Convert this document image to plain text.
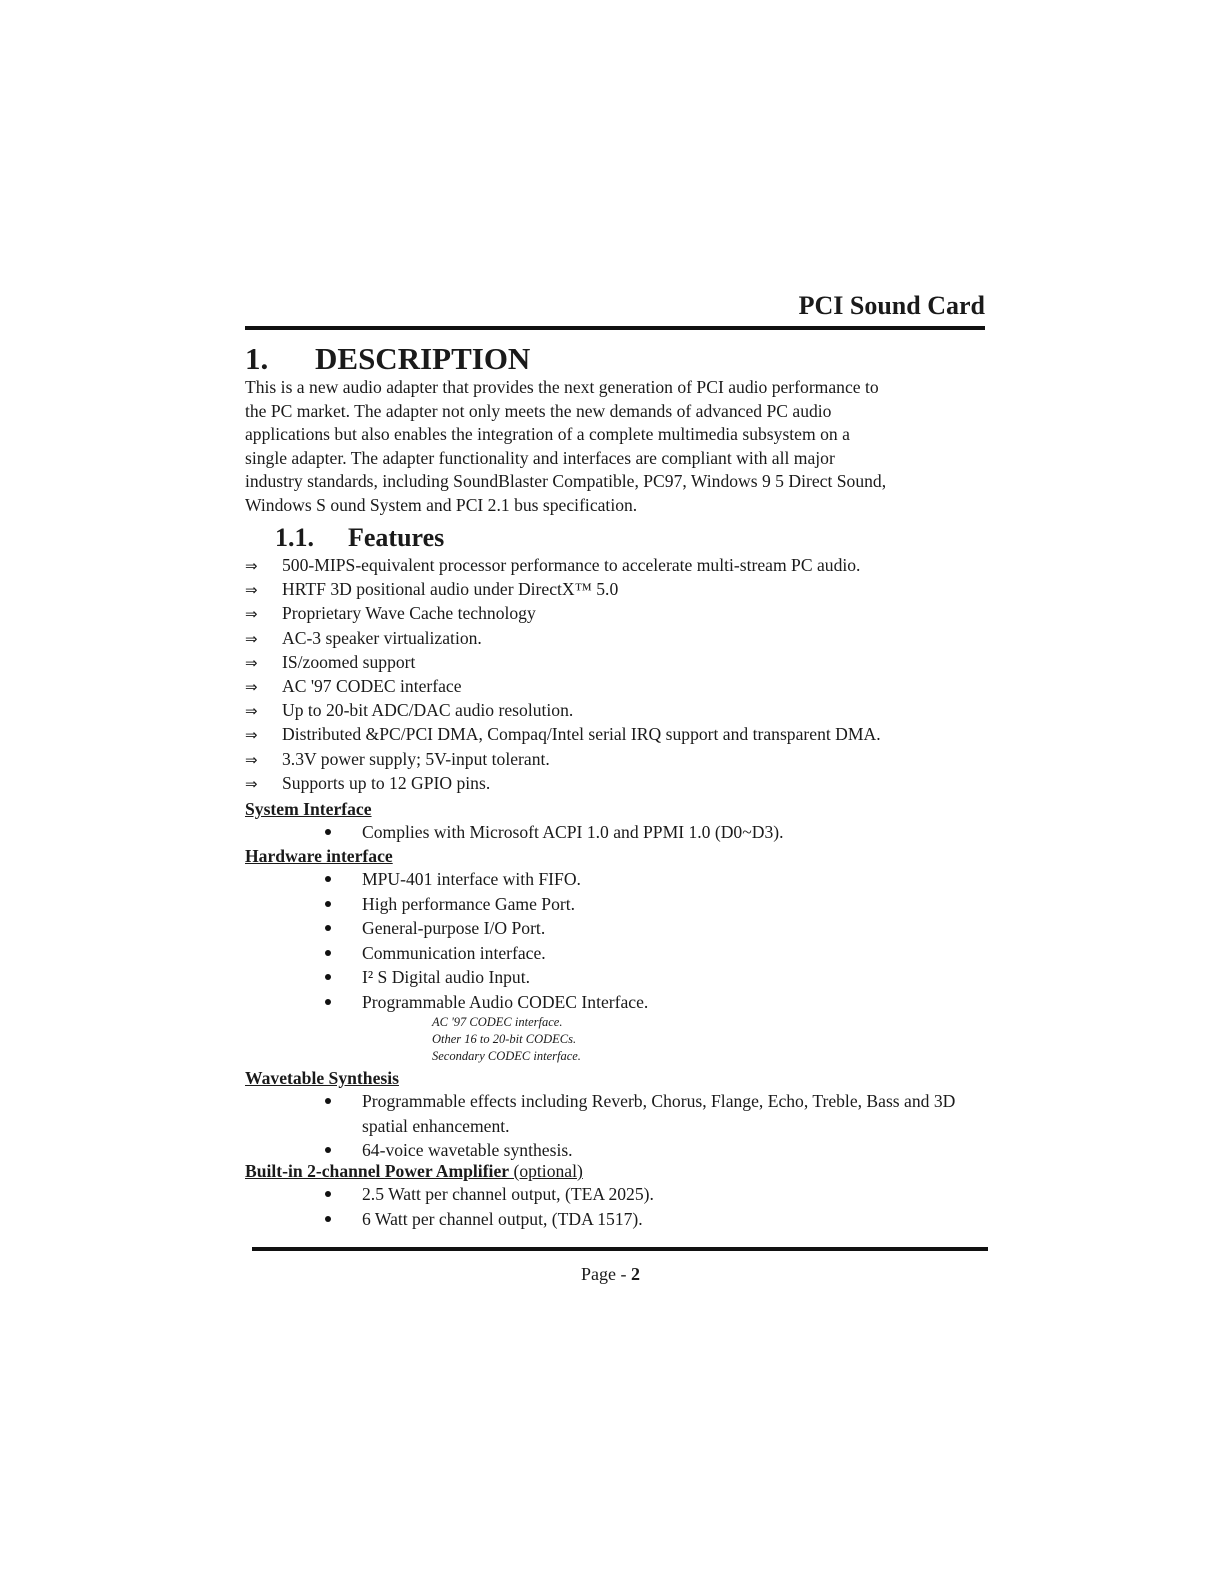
PCI Sound Card
1. DESCRIPTION
This is a new audio adapter that provides the next generation of PCI audio performance to
the PC market. The adapter not only meets the new demands of advanced PC audio
applications but also enables the integration of a complete multimedia subsystem on a
single adapter. The adapter functionality and interfaces are compliant with all major
industry standards, including SoundBlaster Compatible, PC97, Windows 9 5 Direct Sound,
Windows S ound System and PCI 2.1 bus specification.
1.1. Features
⇒ 500-MIPS-equivalent processor performance to accelerate multi-stream PC audio.
⇒ HRTF 3D positional audio under DirectX™ 5.0
⇒ Proprietary Wave Cache technology
⇒ AC-3 speaker virtualization.
⇒ IS/zoomed support
⇒ AC '97 CODEC interface
⇒ Up to 20-bit ADC/DAC audio resolution.
⇒ Distributed &PC/PCI DMA, Compaq/Intel serial IRQ support and transparent DMA.
⇒ 3.3V power supply; 5V-input tolerant.
⇒ Supports up to 12 GPIO pins.
System Interface
Complies with Microsoft ACPI 1.0 and PPMI 1.0 (D0~D3).
Hardware interface
MPU-401 interface with FIFO.
High performance Game Port.
General-purpose I/O Port.
Communication interface.
I² S Digital audio Input.
Programmable Audio CODEC Interface.
AC '97 CODEC interface.
Other 16 to 20-bit CODECs.
Secondary CODEC interface.
Wavetable Synthesis
Programmable effects including Reverb, Chorus, Flange, Echo, Treble, Bass and 3D spatial enhancement.
64-voice wavetable synthesis.
Built-in 2-channel Power Amplifier (optional)
2.5 Watt per channel output, (TEA 2025).
6 Watt per channel output, (TDA 1517).
Page - 2
